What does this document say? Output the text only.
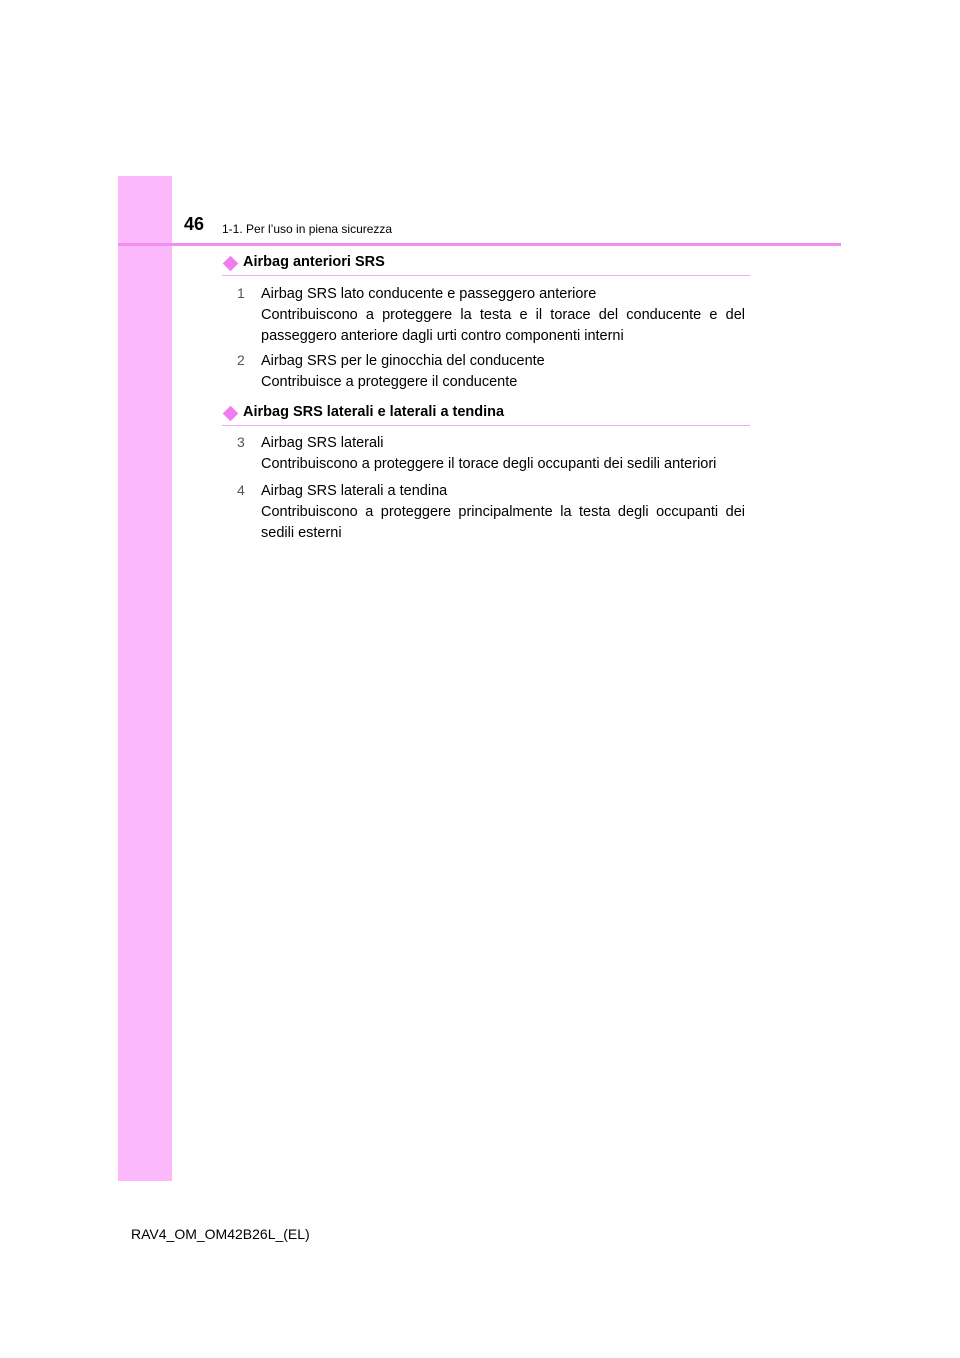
46 1-1. Per l’uso in piena sicurezza
Airbag anteriori SRS
1 Airbag SRS lato conducente e passeggero anteriore
Contribuiscono a proteggere la testa e il torace del conducente e del passeggero anteriore dagli urti contro componenti interni
2 Airbag SRS per le ginocchia del conducente
Contribuisce a proteggere il conducente
Airbag SRS laterali e laterali a tendina
3 Airbag SRS laterali
Contribuiscono a proteggere il torace degli occupanti dei sedili anteriori
4 Airbag SRS laterali a tendina
Contribuiscono a proteggere principalmente la testa degli occupanti dei sedili esterni
RAV4_OM_OM42B26L_(EL)
